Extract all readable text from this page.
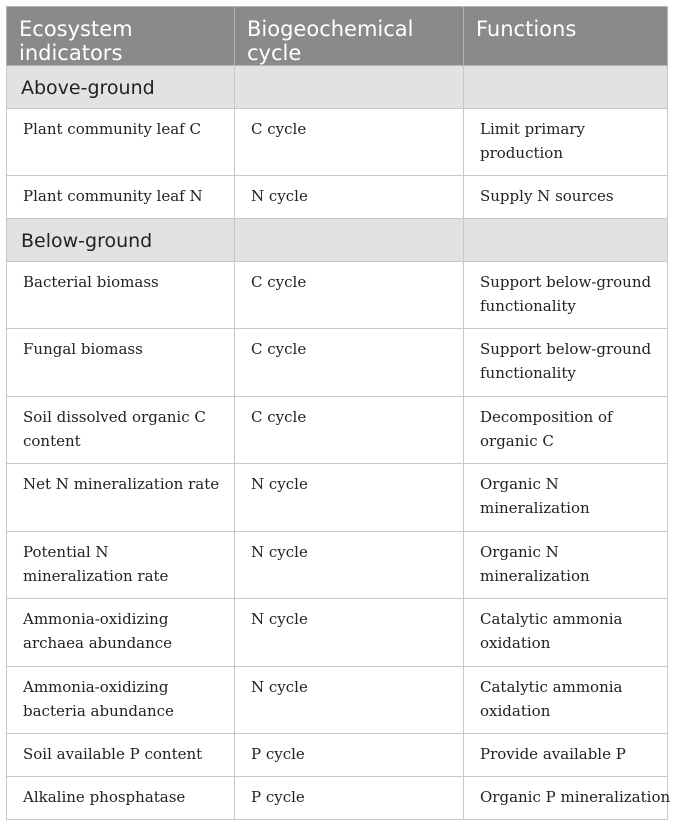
Ecosystem indicators	Biogeochemical cycle	Functions
Above-ground		
Plant community leaf C	C cycle	Limit primary production
Plant community leaf N	N cycle	Supply N sources
Below-ground		
Bacterial biomass	C cycle	Support below-ground functionality
Fungal biomass	C cycle	Support below-ground functionality
Soil dissolved organic C content	C cycle	Decomposition of organic C
Net N mineralization rate	N cycle	Organic N mineralization
Potential N mineralization rate	N cycle	Organic N mineralization
Ammonia-oxidizing archaea abundance	N cycle	Catalytic ammonia oxidation
Ammonia-oxidizing bacteria abundance	N cycle	Catalytic ammonia oxidation
Soil available P content	P cycle	Provide available P
Alkaline phosphatase	P cycle	Organic P mineralization
